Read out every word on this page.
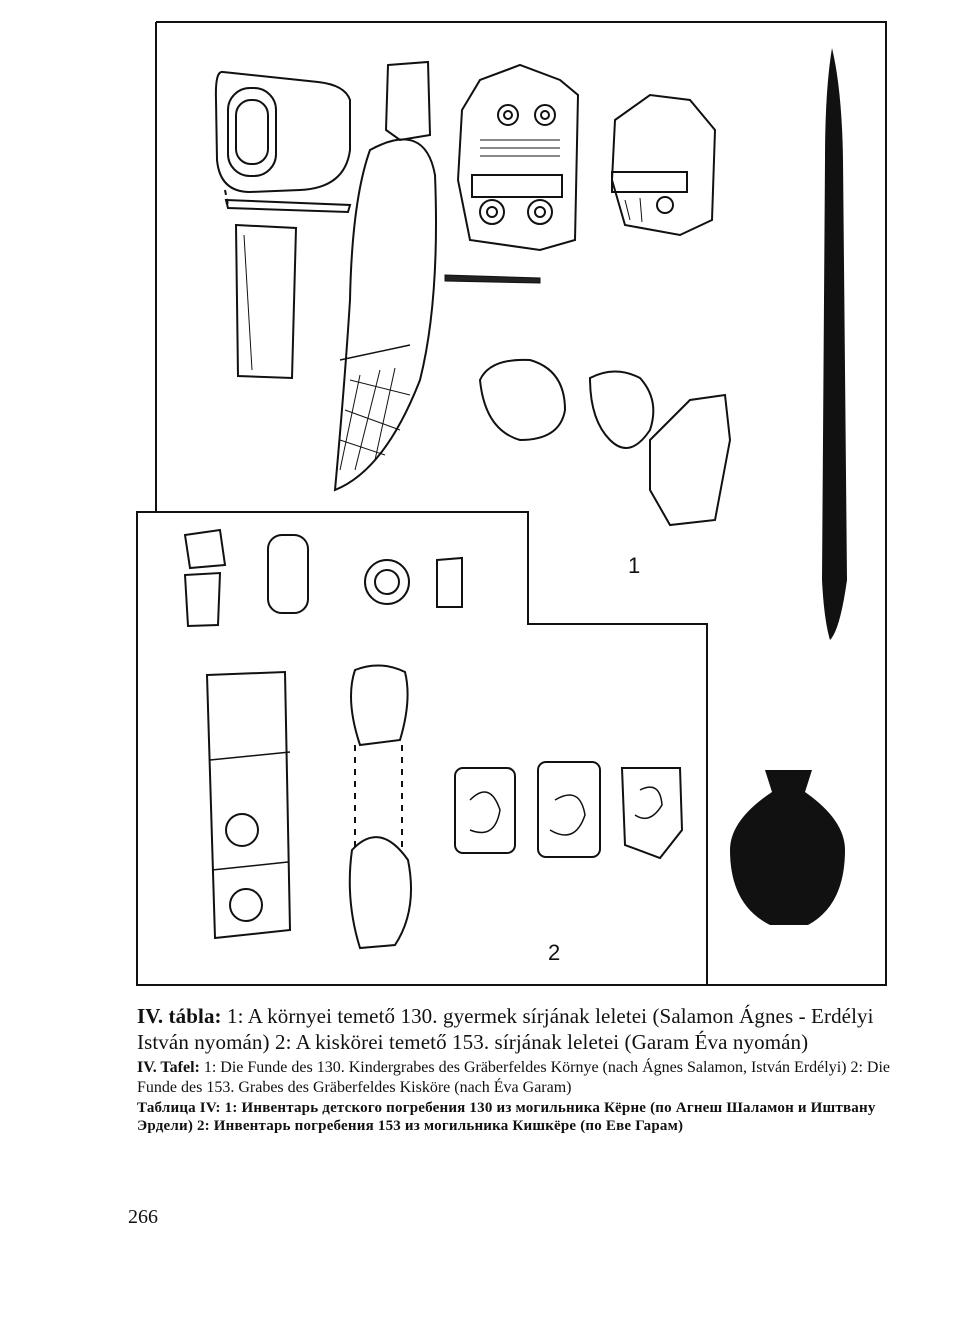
1
2
IV. tábla: 1: A környei temető 130. gyermek sírjának leletei (Salamon Ágnes - Erdélyi István nyomán) 2: A kiskörei temető 153. sírjának leletei (Garam Éva nyomán)
IV. Tafel: 1: Die Funde des 130. Kindergrabes des Gräberfeldes Környe (nach Ágnes Salamon, István Erdélyi) 2: Die Funde des 153. Grabes des Gräberfeldes Kisköre (nach Éva Garam)
Таблица IV: 1: Инвентарь детского погребения 130 из могильника Кёрне (по Агнеш Шаламон и Иштвану Эрдели) 2: Инвентарь погребения 153 из могильника Кишкёре (по Еве Гарам)
266
